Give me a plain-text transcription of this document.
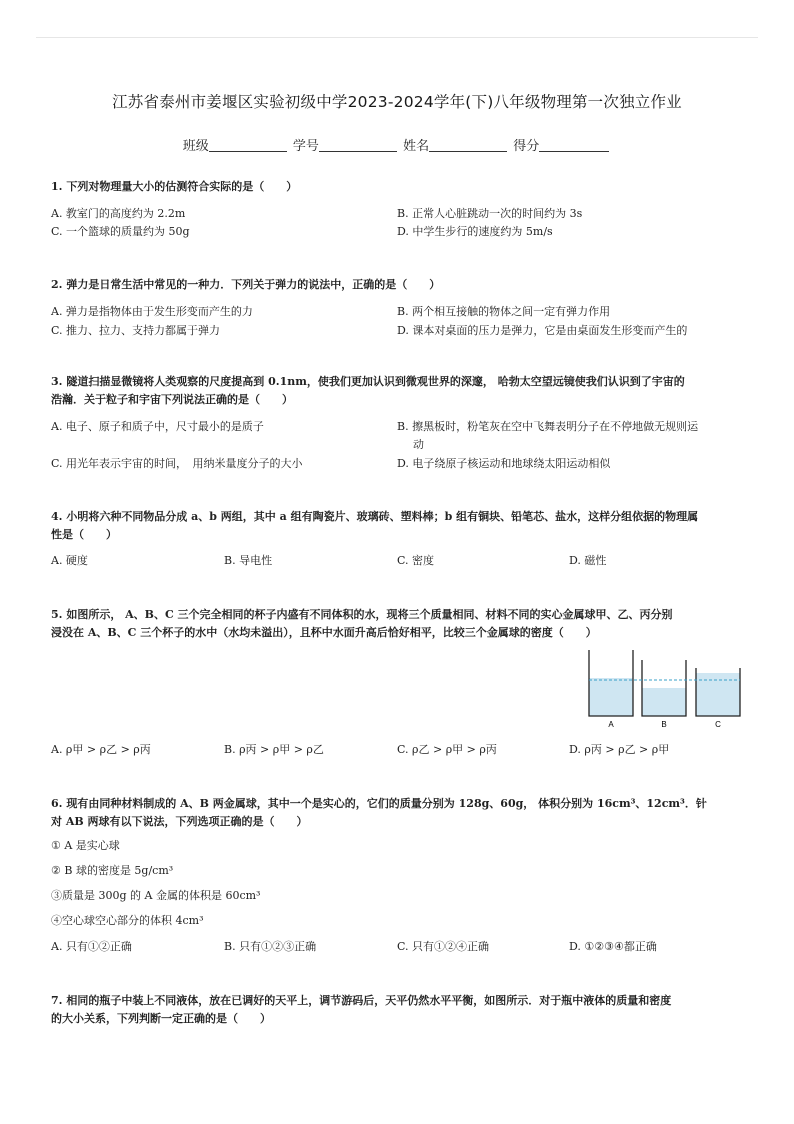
江苏省泰州市姜堰区实验初级中学2023-2024学年(下)八年级物理第一次独立作业
班级	学号	姓名	得分
1. 下列对物理量大小的估测符合实际的是（　　）
A. 教室门的高度约为 2.2m	B. 正常人心脏跳动一次的时间约为 3s
C. 一个篮球的质量约为 50g	D. 中学生步行的速度约为 5m/s
2. 弹力是日常生活中常见的一种力．下列关于弹力的说法中，正确的是（　　）
A. 弹力是指物体由于发生形变而产生的力	B. 两个相互接触的物体之间一定有弹力作用
C. 推力、拉力、支持力都属于弹力	D. 课本对桌面的压力是弹力，它是由桌面发生形变而产生的
3. 隧道扫描显微镜将人类观察的尺度提高到 0.1nm，使我们更加认识到微观世界的深邃， 哈勃太空望远镜使我们认识到了宇宙的
浩瀚．关于粒子和宇宙下列说法正确的是（　　）
A. 电子、原子和质子中，尺寸最小的是质子	B. 擦黑板时，粉笔灰在空中飞舞表明分子在不停地做无规则运
动
C. 用光年表示宇宙的时间，　用纳米量度分子的大小	D. 电子绕原子核运动和地球绕太阳运动相似
4. 小明将六种不同物品分成 a、b 两组，其中 a 组有陶瓷片、玻璃砖、塑料棒；b 组有铜块、铅笔芯、盐水，这样分组依据的物理属
性是（　　）
A. 硬度	B. 导电性	C. 密度	D. 磁性
5. 如图所示， A、B、C 三个完全相同的杯子内盛有不同体积的水，现将三个质量相同、材料不同的实心金属球甲、乙、丙分别
浸没在 A、B、C 三个杯子的水中（水均未溢出），且杯中水面升高后恰好相平，比较三个金属球的密度（　　）
A	B	C
A. ρ甲 > ρ乙 > ρ丙	B. ρ丙 > ρ甲 > ρ乙	C. ρ乙 > ρ甲 > ρ丙	D. ρ丙 > ρ乙 > ρ甲
6. 现有由同种材料制成的 A、B 两金属球，其中一个是实心的，它们的质量分别为 128g、60g， 体积分别为 16cm³、12cm³．针
对 AB 两球有以下说法，下列选项正确的是（　　）
① A 是实心球
② B 球的密度是 5g/cm³
③质量是 300g 的 A 金属的体积是 60cm³
④空心球空心部分的体积 4cm³
A. 只有①②正确	B. 只有①②③正确	C. 只有①②④正确	D. ①②③④都正确
7. 相同的瓶子中装上不同液体，放在已调好的天平上，调节游码后，天平仍然水平平衡，如图所示．对于瓶中液体的质量和密度
的大小关系，下列判断一定正确的是（　　）
